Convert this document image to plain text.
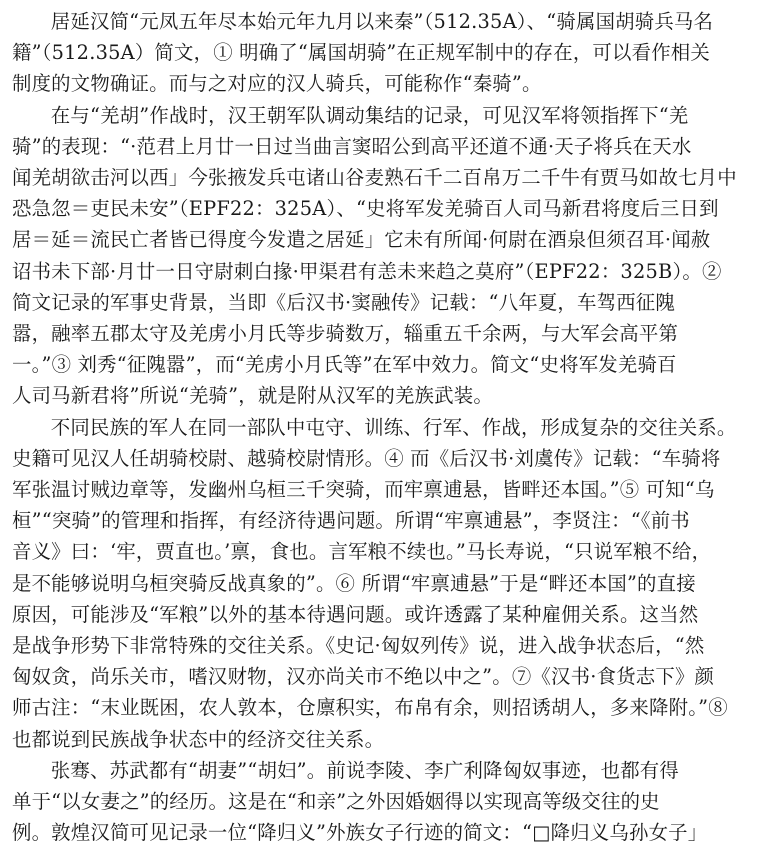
居延汉简“元凤五年尽本始元年九月以来秦”（512.35A）、“骑属国胡骑兵马名
籍”（512.35A）简文，① 明确了“属国胡骑”在正规军制中的存在，可以看作相关
制度的文物确证。而与之对应的汉人骑兵，可能称作“秦骑”。
在与“羌胡”作战时，汉王朝军队调动集结的记录，可见汉军将领指挥下“羌
骑”的表现：“·范君上月廿一日过当曲言窦昭公到高平还道不通·天子将兵在天水
闻羌胡欲击河以西」今张掖发兵屯诸山谷麦熟石千二百帛万二千牛有贾马如故七月中
恐急忽＝吏民未安”（EPF22：325A）、“史将军发羌骑百人司马新君将度后三日到
居＝延＝流民亡者皆已得度今发遣之居延」它未有所闻·何尉在酒泉但须召耳·闻赦
诏书未下部·月廿一日守尉刺白掾·甲渠君有恙未来趋之莫府”（EPF22：325B）。②
简文记录的军事史背景，当即《后汉书·窦融传》记载：“八年夏，车驾西征隗
嚣，融率五郡太守及羌虏小月氏等步骑数万，辎重五千余两，与大军会高平第
一。”③ 刘秀“征隗嚣”，而“羌虏小月氏等”在军中效力。简文“史将军发羌骑百
人司马新君将”所说“羌骑”，就是附从汉军的羌族武装。
不同民族的军人在同一部队中屯守、训练、行军、作战，形成复杂的交往关系。
史籍可见汉人任胡骑校尉、越骑校尉情形。④ 而《后汉书·刘虞传》记载：“车骑将
军张温讨贼边章等，发幽州乌桓三千突骑，而牢禀逋悬，皆畔还本国。”⑤ 可知“乌
桓”“突骑”的管理和指挥，有经济待遇问题。所谓“牢禀逋悬”，李贤注：“《前书
音义》曰：‘牢，贾直也。’禀，食也。言军粮不续也。”马长寿说，“只说军粮不给，
是不能够说明乌桓突骑反战真象的”。⑥ 所谓“牢禀逋悬”于是“畔还本国”的直接
原因，可能涉及“军粮”以外的基本待遇问题。或许透露了某种雇佣关系。这当然
是战争形势下非常特殊的交往关系。《史记·匈奴列传》说，进入战争状态后，“然
匈奴贪，尚乐关市，嗜汉财物，汉亦尚关市不绝以中之”。⑦《汉书·食货志下》颜
师古注：“末业既困，农人敦本，仓廪积实，布帛有余，则招诱胡人，多来降附。”⑧
也都说到民族战争状态中的经济交往关系。
张骞、苏武都有“胡妻”“胡妇”。前说李陵、李广利降匈奴事迹，也都有得
单于“以女妻之”的经历。这是在“和亲”之外因婚姻得以实现高等级交往的史
例。敦煌汉简可见记录一位“降归义”外族女子行迹的简文：“□降归义乌孙女子」
